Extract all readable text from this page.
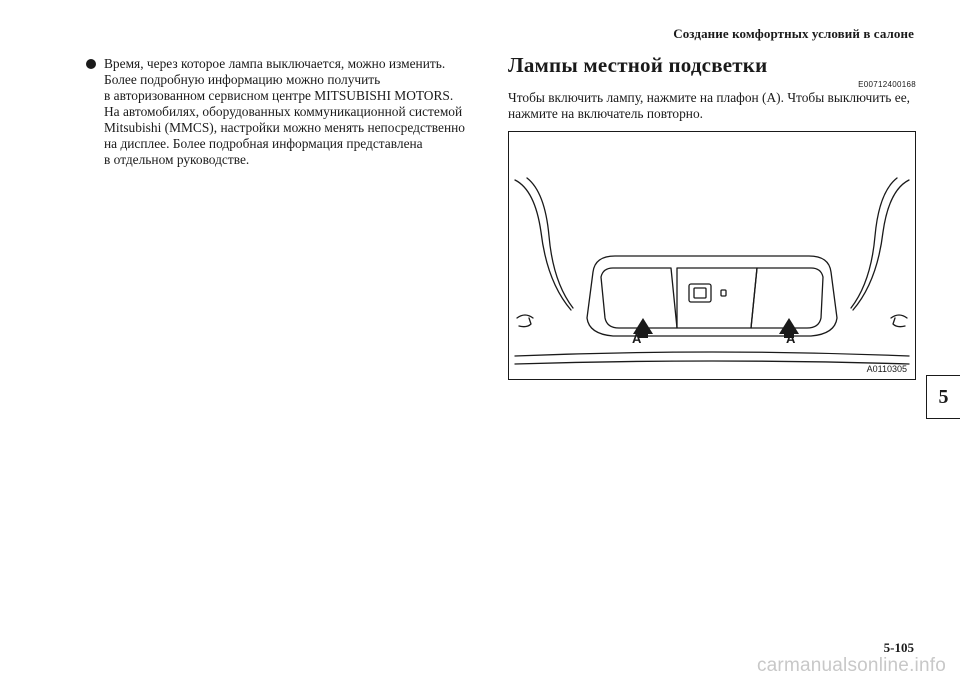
Создание комфортных условий в салоне
Время, через которое лампа выключается, можно изменить.
Более подробную информацию можно получить
в авторизованном сервисном центре MITSUBISHI MOTORS.
На автомобилях, оборудованных коммуникационной системой
Mitsubishi (MMCS), настройки можно менять непосредственно
на дисплее. Более подробная информация представлена
в отдельном руководстве.
Лампы местной подсветки
E00712400168
Чтобы включить лампу, нажмите на плафон (A). Чтобы выключить ее,
нажмите на включатель повторно.
A	A
A0110305
5
5-105
carmanualsonline.info
